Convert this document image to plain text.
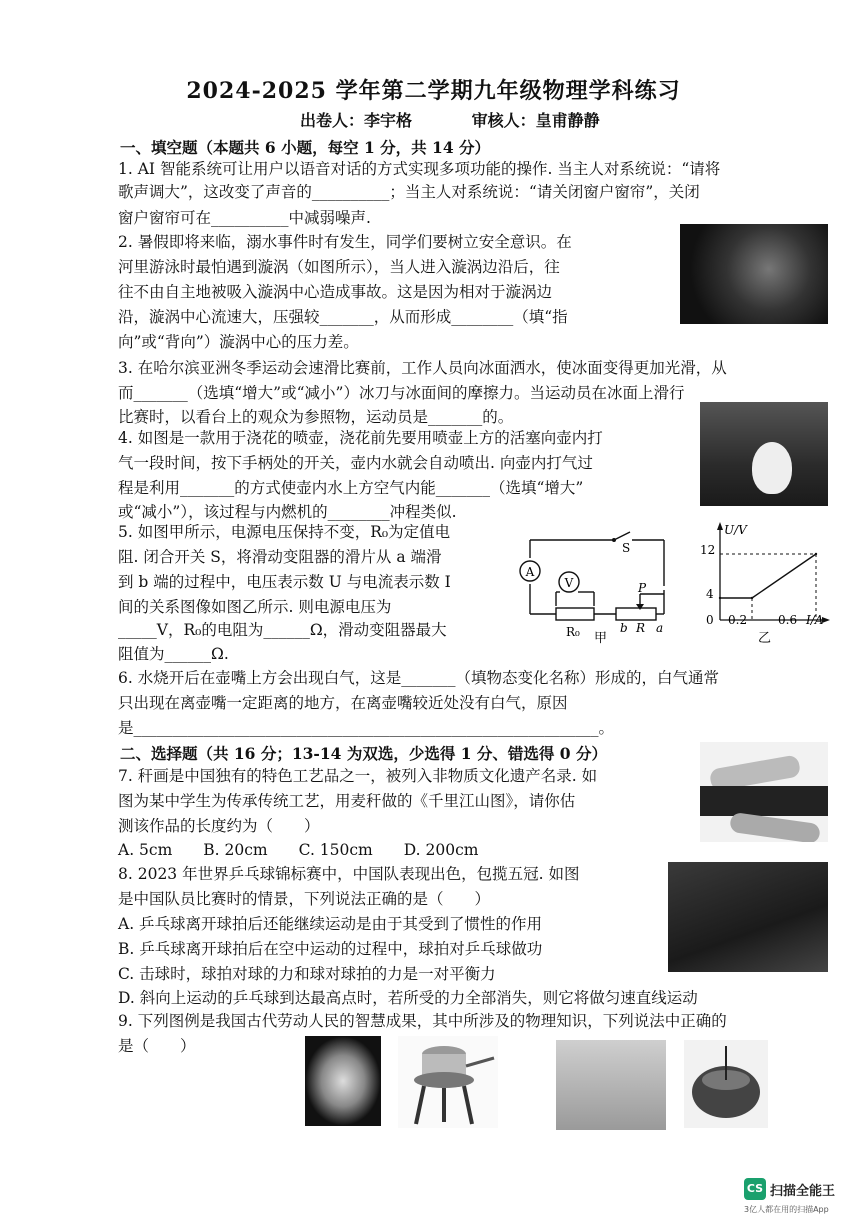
2024-2025 学年第二学期九年级物理学科练习
出卷人：李宇格	审核人：皇甫静静
一、填空题（本题共 6 小题，每空 1 分，共 14 分）
1. AI 智能系统可让用户以语音对话的方式实现多项功能的操作. 当主人对系统说：“请将
歌声调大”，这改变了声音的__________；当主人对系统说：“请关闭窗户窗帘”，关闭
窗户窗帘可在__________中减弱噪声.
2. 暑假即将来临，溺水事件时有发生，同学们要树立安全意识。在
河里游泳时最怕遇到漩涡（如图所示），当人进入漩涡边沿后，往
往不由自主地被吸入漩涡中心造成事故。这是因为相对于漩涡边
沿，漩涡中心流速大，压强较_______，从而形成________（填“指
向”或“背向”）漩涡中心的压力差。
3. 在哈尔滨亚洲冬季运动会速滑比赛前，工作人员向冰面洒水，使冰面变得更加光滑，从
而_______（选填“增大”或“减小”）冰刀与冰面间的摩擦力。当运动员在冰面上滑行
比赛时，以看台上的观众为参照物，运动员是_______的。
4. 如图是一款用于浇花的喷壶，浇花前先要用喷壶上方的活塞向壶内打
气一段时间，按下手柄处的开关，壶内水就会自动喷出. 向壶内打气过
程是利用_______的方式使壶内水上方空气内能_______（选填“增大”
或“减小”），该过程与内燃机的________冲程类似.
5. 如图甲所示，电源电压保持不变，R₀为定值电
阻. 闭合开关 S，将滑动变阻器的滑片从 a 端滑
到 b 端的过程中，电压表示数 U 与电流表示数 I
间的关系图像如图乙所示. 则电源电压为
_____V，R₀的电阻为______Ω，滑动变阻器最大
阻值为______Ω.
6. 水烧开后在壶嘴上方会出现白气，这是_______（填物态变化名称）形成的，白气通常
只出现在离壶嘴一定距离的地方，在离壶嘴较近处没有白气，原因
是____________________________________________________________。
二、选择题（共 16 分；13-14 为双选，少选得 1 分、错选得 0 分）
7. 秆画是中国独有的特色工艺品之一，被列入非物质文化遗产名录. 如
图为某中学生为传承传统工艺，用麦秆做的《千里江山图》，请你估
测该作品的长度约为（　　）
A. 5cm　　B. 20cm　　C. 150cm　　D. 200cm
8. 2023 年世界乒乓球锦标赛中，中国队表现出色，包揽五冠. 如图
是中国队员比赛时的情景，下列说法正确的是（　　）
A. 乒乓球离开球拍后还能继续运动是由于其受到了惯性的作用
B. 乒乓球离开球拍后在空中运动的过程中，球拍对乒乓球做功
C. 击球时，球拍对球的力和球对球拍的力是一对平衡力
D. 斜向上运动的乒乓球到达最高点时，若所受的力全部消失，则它将做匀速直线运动
9. 下列图例是我国古代劳动人民的智慧成果，其中所涉及的物理知识，下列说法中正确的
是（　　）
A
V
S
R₀
P
b R a
甲
U/V
I/A
12
4
0 0.2	0.6
乙
CS 扫描全能王
3亿人都在用的扫描App
